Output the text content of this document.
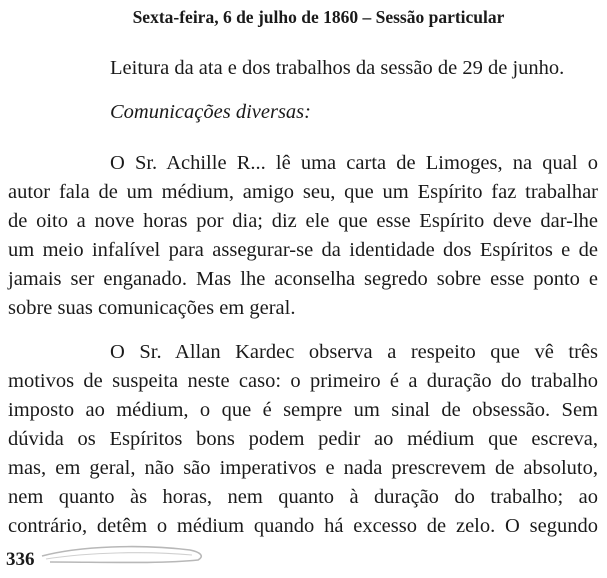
Sexta-feira, 6 de julho de 1860 – Sessão particular
Leitura da ata e dos trabalhos da sessão de 29 de junho.
Comunicações diversas:
O Sr. Achille R... lê uma carta de Limoges, na qual o
autor fala de um médium, amigo seu, que um Espírito faz trabalhar
de oito a nove horas por dia; diz ele que esse Espírito deve dar-lhe
um meio infalível para assegurar-se da identidade dos Espíritos e de
jamais ser enganado. Mas lhe aconselha segredo sobre esse ponto e
sobre suas comunicações em geral.
O Sr. Allan Kardec observa a respeito que vê três
motivos de suspeita neste caso: o primeiro é a duração do trabalho
imposto ao médium, o que é sempre um sinal de obsessão. Sem
dúvida os Espíritos bons podem pedir ao médium que escreva,
mas, em geral, não são imperativos e nada prescrevem de absoluto,
nem quanto às horas, nem quanto à duração do trabalho; ao
contrário, detêm o médium quando há excesso de zelo. O segundo
336
